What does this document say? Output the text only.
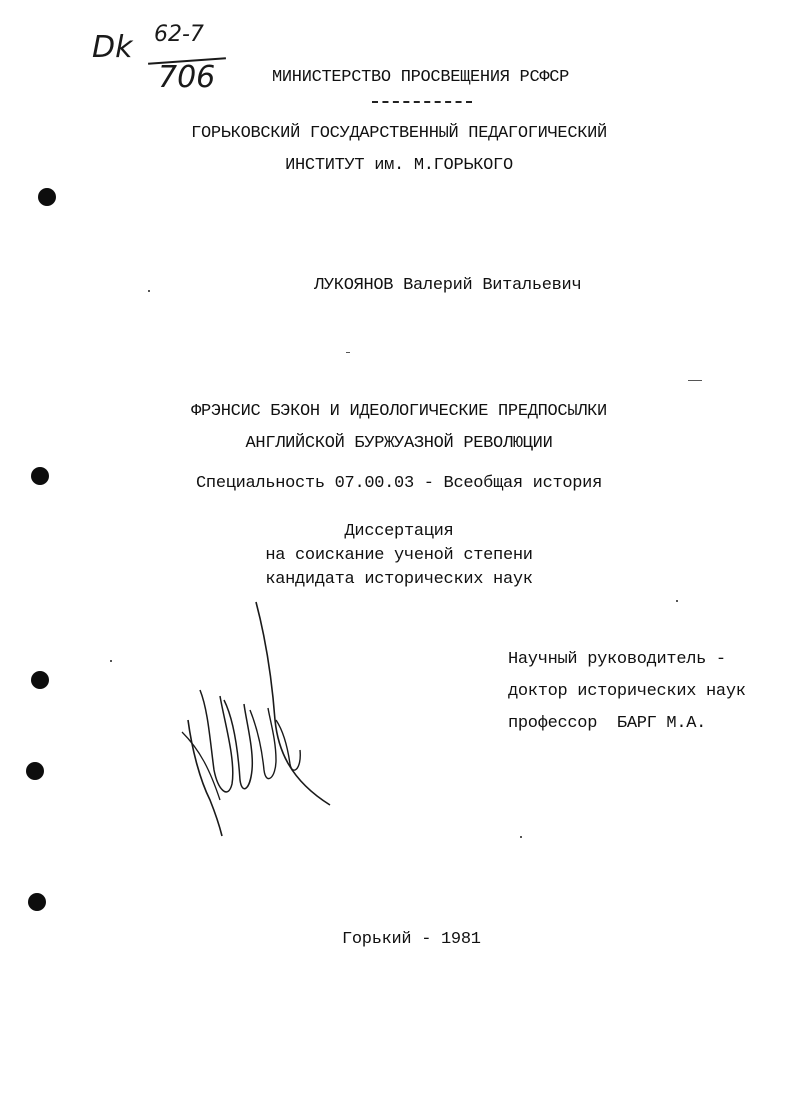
Dk 62-7
706	МИНИСТЕРСТВО ПРОСВЕЩЕНИЯ РСФСР
ГОРЬКОВСКИЙ ГОСУДАРСТВЕННЫЙ ПЕДАГОГИЧЕСКИЙ
ИНСТИТУТ им. М.ГОРЬКОГО
ЛУКОЯНОВ Валерий Витальевич
ФРЭНСИС БЭКОН И ИДЕОЛОГИЧЕСКИЕ ПРЕДПОСЫЛКИ
АНГЛИЙСКОЙ БУРЖУАЗНОЙ РЕВОЛЮЦИИ
Специальность 07.00.03 - Всеобщая история
Диссертация
на соискание ученой степени
кандидата исторических наук
Научный руководитель -
доктор исторических наук
профессор  БАРГ М.А.
Горький - 1981
